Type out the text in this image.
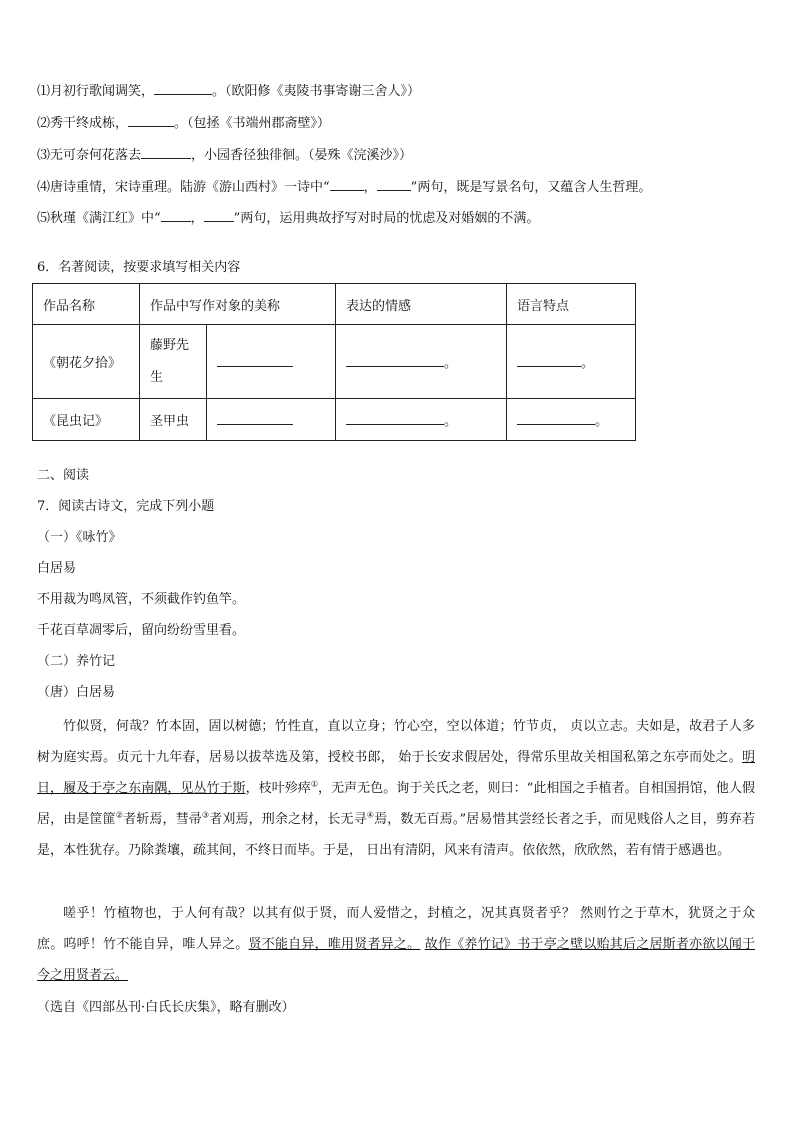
⑴月初行歌闻调笑，	。（欧阳修《夷陵书事寄谢三舍人》）
⑵秀干终成栋，	。（包拯《书端州郡斋壁》）
⑶无可奈何花落去	，小园香径独徘徊。（晏殊《浣溪沙》）
⑷唐诗重情，宋诗重理。陆游《游山西村》一诗中“	，	”两句，既是写景名句，又蕴含人生哲理。
⑸秋瑾《满江红》中“ ， ”两句，运用典故抒写对时局的忧虑及对婚姻的不满。
6．名著阅读，按要求填写相关内容
作品名称	作品中写作对象的美称		表达的情感	语言特点
《朝花夕拾》	藤野先生		。	。
《昆虫记》	圣甲虫		。	。
二、阅读
7．阅读古诗文，完成下列小题
（一）《咏竹》
白居易
不用裁为鸣凤管，不须截作钓鱼竿。
千花百草凋零后，留向纷纷雪里看。
（二）养竹记
（唐）白居易
竹似贤，何哉？竹本固，固以树德；竹性直，直以立身；竹心空，空以体道；竹节贞， 贞以立志。夫如是，故君子人多树为庭实焉。贞元十九年春，居易以拔萃选及第，授校书郎， 始于长安求假居处，得常乐里故关相国私第之东亭而处之。明日，履及于亭之东南隅，见丛竹于斯，枝叶殄瘁①，无声无色。询于关氏之老，则曰：“此相国之手植者。自相国捐馆，他人假居，由是筐篚②者斩焉，彗帚③者刈焉，刑余之材，长无寻④焉，数无百焉。”居易惜其尝经长者之手，而见贱俗人之目，剪弃若是，本性犹存。乃除粪壤，疏其间，不终日而毕。于是， 日出有清阴，风来有清声。依依然，欣欣然，若有情于感遇也。
嗟乎！竹植物也，于人何有哉？以其有似于贤，而人爱惜之，封植之，况其真贤者乎？ 然则竹之于草木，犹贤之于众庶。呜呼！竹不能自异，唯人异之。贤不能自异，唯用贤者异之。 故作《养竹记》书于亭之壁以贻其后之居斯者亦欲以闻于今之用贤者云。
（选自《四部丛刊·白氏长庆集》，略有删改）
